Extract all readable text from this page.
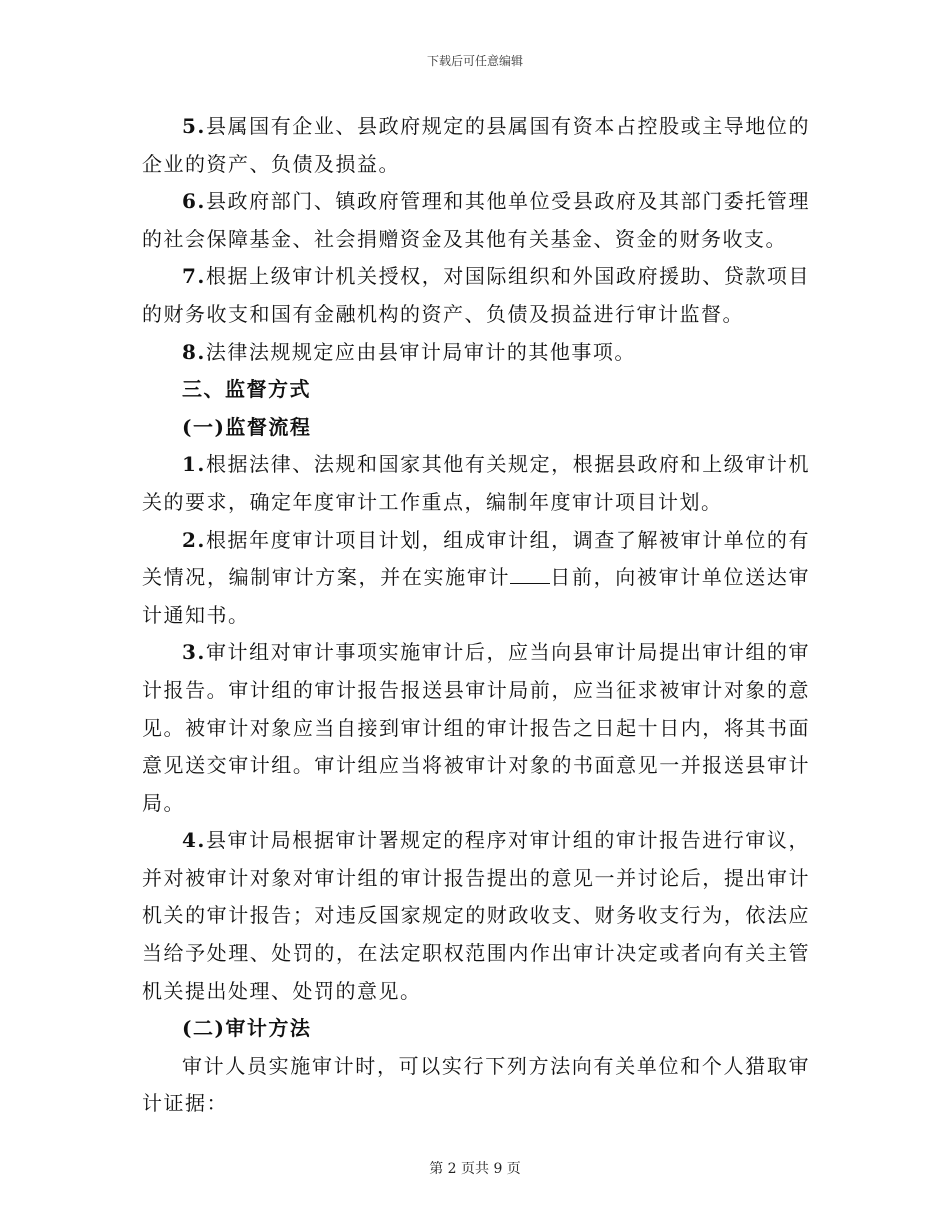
下载后可任意编辑

5.县属国有企业、县政府规定的县属国有资本占控股或主导地位的企业的资产、负债及损益。

6.县政府部门、镇政府管理和其他单位受县政府及其部门委托管理的社会保障基金、社会捐赠资金及其他有关基金、资金的财务收支。

7.根据上级审计机关授权，对国际组织和外国政府援助、贷款项目的财务收支和国有金融机构的资产、负债及损益进行审计监督。

8.法律法规规定应由县审计局审计的其他事项。

三、监督方式

(一)监督流程

1.根据法律、法规和国家其他有关规定，根据县政府和上级审计机关的要求，确定年度审计工作重点，编制年度审计项目计划。

2.根据年度审计项目计划，组成审计组，调查了解被审计单位的有关情况，编制审计方案，并在实施审计 日前，向被审计单位送达审计通知书。

3.审计组对审计事项实施审计后，应当向县审计局提出审计组的审计报告。审计组的审计报告报送县审计局前，应当征求被审计对象的意见。被审计对象应当自接到审计组的审计报告之日起十日内，将其书面意见送交审计组。审计组应当将被审计对象的书面意见一并报送县审计局。

4.县审计局根据审计署规定的程序对审计组的审计报告进行审议，并对被审计对象对审计组的审计报告提出的意见一并讨论后，提出审计机关的审计报告；对违反国家规定的财政收支、财务收支行为，依法应当给予处理、处罚的，在法定职权范围内作出审计决定或者向有关主管机关提出处理、处罚的意见。

(二)审计方法

审计人员实施审计时，可以实行下列方法向有关单位和个人猎取审计证据：

第 2 页共 9 页
